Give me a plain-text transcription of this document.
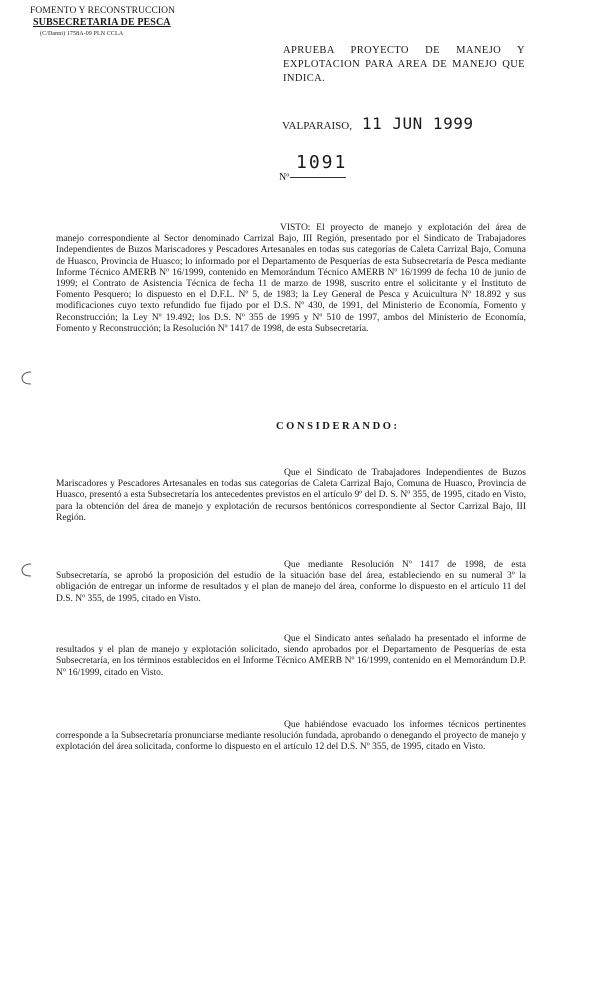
FOMENTO Y RECONSTRUCCION
SUBSECRETARIA DE PESCA
(C/Danni) 1758A-09 PLN CCLA
APRUEBA PROYECTO DE MANEJO Y EXPLOTACION PARA AREA DE MANEJO QUE INDICA.
VALPARAISO, 11 JUN 1999
Nº
1091
VISTO: El proyecto de manejo y explotación del área de manejo correspondiente al Sector denominado Carrizal Bajo, III Región, presentado por el Sindicato de Trabajadores Independientes de Buzos Mariscadores y Pescadores Artesanales en todas sus categorías de Caleta Carrizal Bajo, Comuna de Huasco, Provincia de Huasco; lo informado por el Departamento de Pesquerías de esta Subsecretaría de Pesca mediante Informe Técnico AMERB Nº 16/1999, contenido en Memorándum Técnico AMERB Nº 16/1999 de fecha 10 de junio de 1999; el Contrato de Asistencia Técnica de fecha 11 de marzo de 1998, suscrito entre el solicitante y el Instituto de Fomento Pesquero; lo dispuesto en el D.F.L. Nº 5, de 1983; la Ley General de Pesca y Acuicultura Nº 18.892 y sus modificaciones cuyo texto refundido fue fijado por el D.S. Nº 430, de 1991, del Ministerio de Economía, Fomento y Reconstrucción; la Ley Nº 19.492; los D.S. Nº 355 de 1995 y Nº 510 de 1997, ambos del Ministerio de Economía, Fomento y Reconstrucción; la Resolución Nº 1417 de 1998, de esta Subsecretaría.
CONSIDERANDO:
Que el Sindicato de Trabajadores Independientes de Buzos Mariscadores y Pescadores Artesanales en todas sus categorías de Caleta Carrizal Bajo, Comuna de Huasco, Provincia de Huasco, presentó a esta Subsecretaría los antecedentes previstos en el artículo 9º del D. S. Nº 355, de 1995, citado en Visto, para la obtención del área de manejo y explotación de recursos bentónicos correspondiente al Sector Carrizal Bajo, III Región.
Que mediante Resolución Nº 1417 de 1998, de esta Subsecretaría, se aprobó la proposición del estudio de la situación base del área, estableciendo en su numeral 3º la obligación de entregar un informe de resultados y el plan de manejo del área, conforme lo dispuesto en el artículo 11 del D.S. Nº 355, de 1995, citado en Visto.
Que el Sindicato antes señalado ha presentado el informe de resultados y el plan de manejo y explotación solicitado, siendo aprobados por el Departamento de Pesquerías de esta Subsecretaría, en los términos establecidos en el Informe Técnico AMERB Nº 16/1999, contenido en el Memorándum D.P. Nº 16/1999, citado en Visto.
Que habiéndose evacuado los informes técnicos pertinentes corresponde a la Subsecretaría pronunciarse mediante resolución fundada, aprobando o denegando el proyecto de manejo y explotación del área solicitada, conforme lo dispuesto en el artículo 12 del D.S. Nº 355, de 1995, citado en Visto.
